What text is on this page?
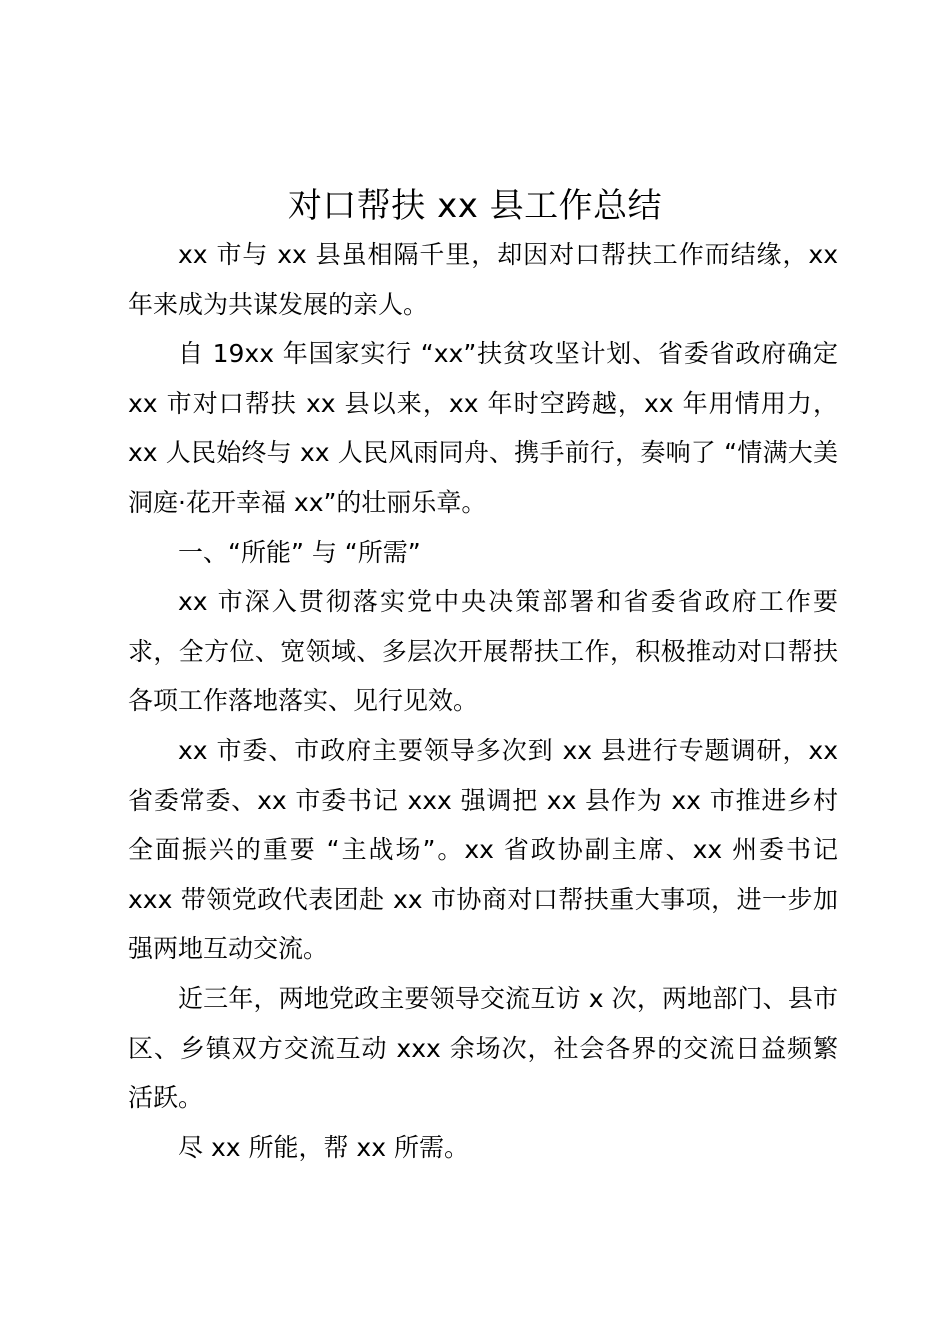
对口帮扶 xx 县工作总结

xx 市与 xx 县虽相隔千里，却因对口帮扶工作而结缘，xx 年来成为共谋发展的亲人。

自 19xx 年国家实行 “xx”扶贫攻坚计划、省委省政府确定 xx 市对口帮扶 xx 县以来，xx 年时空跨越，xx 年用情用力，xx 人民始终与 xx 人民风雨同舟、携手前行，奏响了 “情满大美洞庭·花开幸福 xx”的壮丽乐章。

一、“所能” 与 “所需”

xx 市深入贯彻落实党中央决策部署和省委省政府工作要求，全方位、宽领域、多层次开展帮扶工作，积极推动对口帮扶各项工作落地落实、见行见效。

xx 市委、市政府主要领导多次到 xx 县进行专题调研，xx 省委常委、xx 市委书记 xxx 强调把 xx 县作为 xx 市推进乡村全面振兴的重要 “主战场”。xx 省政协副主席、xx 州委书记 xxx 带领党政代表团赴 xx 市协商对口帮扶重大事项，进一步加强两地互动交流。

近三年，两地党政主要领导交流互访 x 次，两地部门、县市区、乡镇双方交流互动 xxx 余场次，社会各界的交流日益频繁活跃。

尽 xx 所能，帮 xx 所需。
